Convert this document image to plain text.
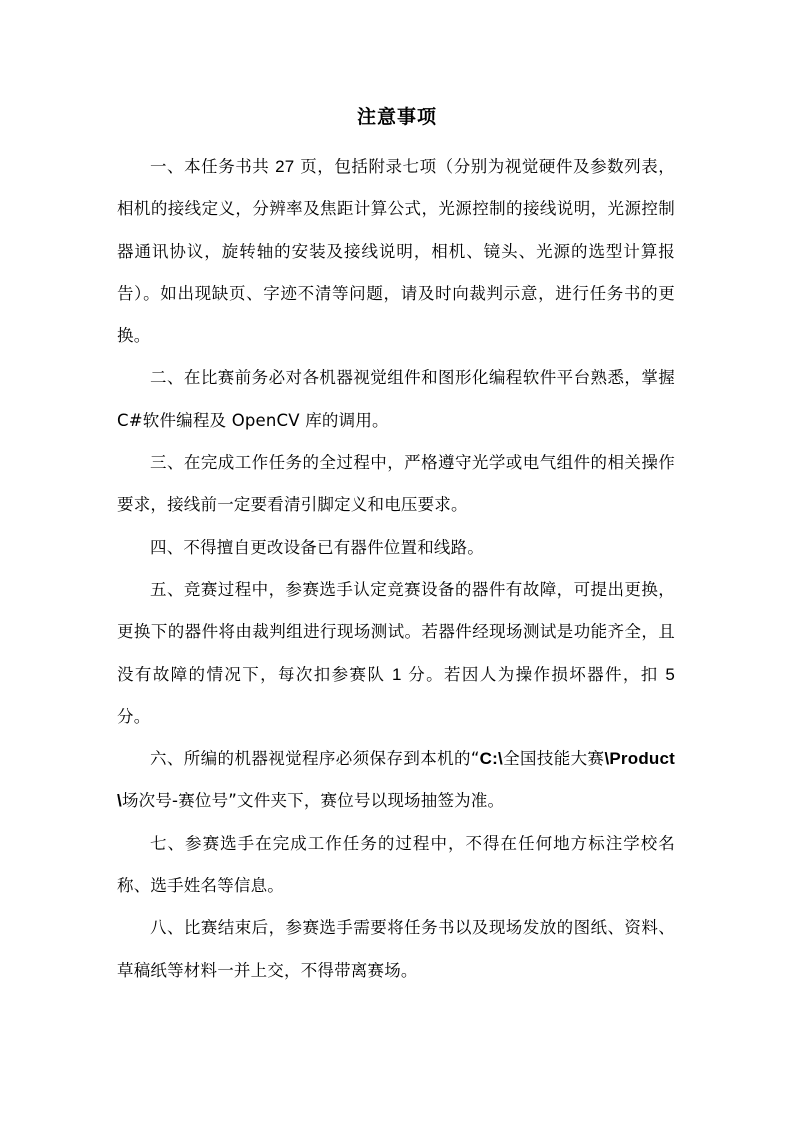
注意事项

一、本任务书共 27 页，包括附录七项（分别为视觉硬件及参数列表，相机的接线定义，分辨率及焦距计算公式，光源控制的接线说明，光源控制器通讯协议，旋转轴的安装及接线说明，相机、镜头、光源的选型计算报告）。如出现缺页、字迹不清等问题，请及时向裁判示意，进行任务书的更换。

二、在比赛前务必对各机器视觉组件和图形化编程软件平台熟悉，掌握 C#软件编程及 OpenCV 库的调用。

三、在完成工作任务的全过程中，严格遵守光学或电气组件的相关操作要求，接线前一定要看清引脚定义和电压要求。

四、不得擅自更改设备已有器件位置和线路。

五、竞赛过程中，参赛选手认定竞赛设备的器件有故障，可提出更换，更换下的器件将由裁判组进行现场测试。若器件经现场测试是功能齐全，且没有故障的情况下，每次扣参赛队 1 分。若因人为操作损坏器件，扣 5 分。

六、所编的机器视觉程序必须保存到本机的“C:\全国技能大赛\Product\场次号-赛位号”文件夹下，赛位号以现场抽签为准。

七、参赛选手在完成工作任务的过程中，不得在任何地方标注学校名称、选手姓名等信息。

八、比赛结束后，参赛选手需要将任务书以及现场发放的图纸、资料、草稿纸等材料一并上交，不得带离赛场。
